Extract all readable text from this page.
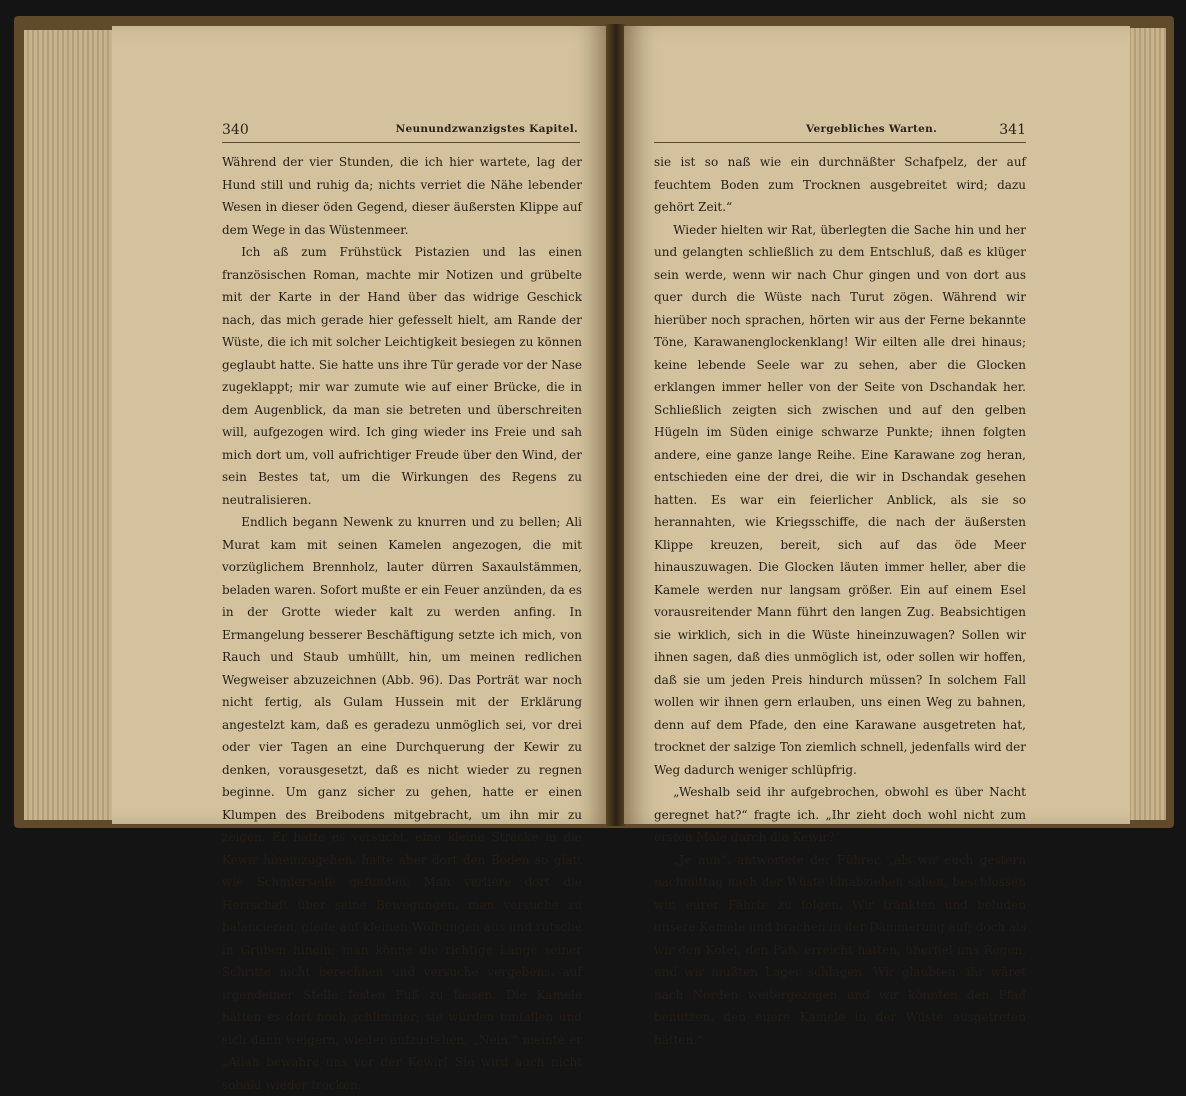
340	Neunundzwanzigstes Kapitel.

Während der vier Stunden, die ich hier wartete, lag der Hund still und ruhig da; nichts verriet die Nähe lebender Wesen in dieser öden Gegend, dieser äußersten Klippe auf dem Wege in das Wüstenmeer.

Ich aß zum Frühstück Pistazien und las einen französischen Roman, machte mir Notizen und grübelte mit der Karte in der Hand über das widrige Geschick nach, das mich gerade hier gefesselt hielt, am Rande der Wüste, die ich mit solcher Leichtigkeit besiegen zu können geglaubt hatte. Sie hatte uns ihre Tür gerade vor der Nase zugeklappt; mir war zumute wie auf einer Brücke, die in dem Augenblick, da man sie betreten und überschreiten will, aufgezogen wird. Ich ging wieder ins Freie und sah mich dort um, voll aufrichtiger Freude über den Wind, der sein Bestes tat, um die Wirkungen des Regens zu neutralisieren.

Endlich begann Newenk zu knurren und zu bellen; Ali Murat kam mit seinen Kamelen angezogen, die mit vorzüglichem Brennholz, lauter dürren Saxaulstämmen, beladen waren. Sofort mußte er ein Feuer anzünden, da es in der Grotte wieder kalt zu werden anfing. In Ermangelung besserer Beschäftigung setzte ich mich, von Rauch und Staub umhüllt, hin, um meinen redlichen Wegweiser abzuzeichnen (Abb. 96). Das Porträt war noch nicht fertig, als Gulam Hussein mit der Erklärung angestelzt kam, daß es geradezu unmöglich sei, vor drei oder vier Tagen an eine Durchquerung der Kewir zu denken, vorausgesetzt, daß es nicht wieder zu regnen beginne. Um ganz sicher zu gehen, hatte er einen Klumpen des Breibodens mitgebracht, um ihn mir zu zeigen. Er hatte es versucht, eine kleine Strecke in die Kewir hineinzugehen, hatte aber dort den Boden so glatt wie Schmierseife gefunden. Man verliere dort die Herrschaft über seine Bewegungen, man versuche zu balancieren, gleite auf kleinen Wölbungen aus und rutsche in Gruben hinein; man könne die richtige Länge seiner Schritte nicht berechnen und versuche vergebens, auf irgendeiner Stelle festen Fuß zu fassen. Die Kamele hätten es dort noch schlimmer; sie würden umfallen und sich dann weigern, wieder aufzustehen. „Nein,“ meinte er „Allah bewahre uns vor der Kewir! Sie wird auch nicht sobald wieder trocken;

Vergebliches Warten.	341

sie ist so naß wie ein durchnäßter Schafpelz, der auf feuchtem Boden zum Trocknen ausgebreitet wird; dazu gehört Zeit.“

Wieder hielten wir Rat, überlegten die Sache hin und her und gelangten schließlich zu dem Entschluß, daß es klüger sein werde, wenn wir nach Chur gingen und von dort aus quer durch die Wüste nach Turut zögen. Während wir hierüber noch sprachen, hörten wir aus der Ferne bekannte Töne, Karawanenglockenklang! Wir eilten alle drei hinaus; keine lebende Seele war zu sehen, aber die Glocken erklangen immer heller von der Seite von Dschandak her. Schließlich zeigten sich zwischen und auf den gelben Hügeln im Süden einige schwarze Punkte; ihnen folgten andere, eine ganze lange Reihe. Eine Karawane zog heran, entschieden eine der drei, die wir in Dschandak gesehen hatten. Es war ein feierlicher Anblick, als sie so herannahten, wie Kriegsschiffe, die nach der äußersten Klippe kreuzen, bereit, sich auf das öde Meer hinauszuwagen. Die Glocken läuten immer heller, aber die Kamele werden nur langsam größer. Ein auf einem Esel vorausreitender Mann führt den langen Zug. Beabsichtigen sie wirklich, sich in die Wüste hineinzuwagen? Sollen wir ihnen sagen, daß dies unmöglich ist, oder sollen wir hoffen, daß sie um jeden Preis hindurch müssen? In solchem Fall wollen wir ihnen gern erlauben, uns einen Weg zu bahnen, denn auf dem Pfade, den eine Karawane ausgetreten hat, trocknet der salzige Ton ziemlich schnell, jedenfalls wird der Weg dadurch weniger schlüpfrig.

„Weshalb seid ihr aufgebrochen, obwohl es über Nacht geregnet hat?“ fragte ich. „Ihr zieht doch wohl nicht zum ersten Male durch die Kewir?“

„Je nun“, antwortete der Führer, „als wir euch gestern nachmittag nach der Wüste hinabziehen sahen, beschlossen wir, eurer Fährte zu folgen. Wir tränkten und beluden unsere Kamele und brachen in der Dämmerung auf; doch als wir den Kotel, den Paß, erreicht hatten, überfiel uns Regen, und wir mußten Lager schlagen. Wir glaubten, ihr wäret nach Norden weitergezogen und wir könnten den Pfad benutzen, den euere Kamele in der Wüste ausgetreten hätten.“
